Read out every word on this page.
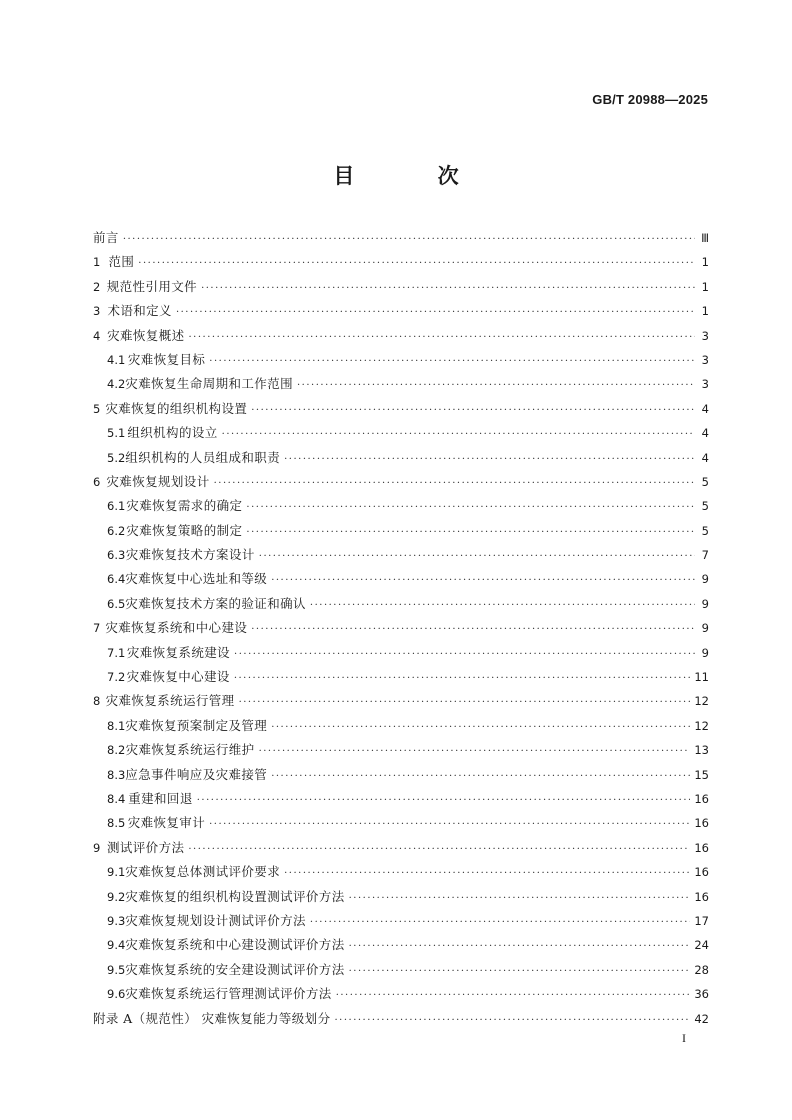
GB/T 20988—2025
目 次
前言 ·····	Ⅲ
1 范围 ·····	1
2 规范性引用文件 ·····	1
3 术语和定义 ·····	1
4 灾难恢复概述 ·····	3
4.1 灾难恢复目标 ·····	3
4.2 灾难恢复生命周期和工作范围 ·····	3
5 灾难恢复的组织机构设置 ·····	4
5.1 组织机构的设立 ·····	4
5.2 组织机构的人员组成和职责 ·····	4
6 灾难恢复规划设计 ·····	5
6.1 灾难恢复需求的确定 ·····	5
6.2 灾难恢复策略的制定 ·····	5
6.3 灾难恢复技术方案设计 ·····	7
6.4 灾难恢复中心选址和等级 ·····	9
6.5 灾难恢复技术方案的验证和确认 ·····	9
7 灾难恢复系统和中心建设 ·····	9
7.1 灾难恢复系统建设 ·····	9
7.2 灾难恢复中心建设 ·····	11
8 灾难恢复系统运行管理 ·····	12
8.1 灾难恢复预案制定及管理 ·····	12
8.2 灾难恢复系统运行维护 ·····	13
8.3 应急事件响应及灾难接管 ·····	15
8.4 重建和回退 ·····	16
8.5 灾难恢复审计 ·····	16
9 测试评价方法 ·····	16
9.1 灾难恢复总体测试评价要求 ·····	16
9.2 灾难恢复的组织机构设置测试评价方法 ·····	16
9.3 灾难恢复规划设计测试评价方法 ·····	17
9.4 灾难恢复系统和中心建设测试评价方法 ·····	24
9.5 灾难恢复系统的安全建设测试评价方法 ·····	28
9.6 灾难恢复系统运行管理测试评价方法 ·····	36
附录 A（规范性） 灾难恢复能力等级划分 ·····	42
I
